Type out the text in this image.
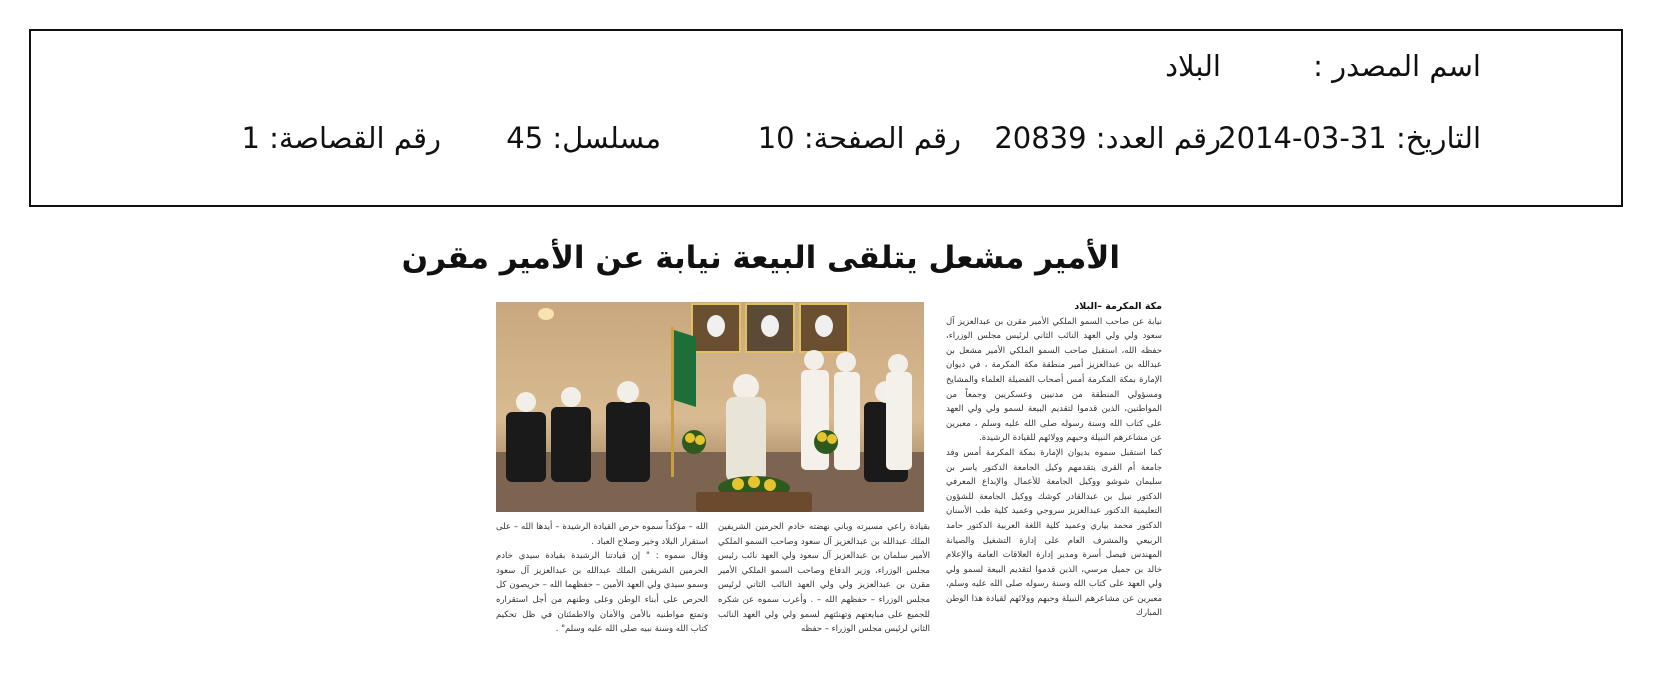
اسم المصدر :
البلاد
التاريخ: 31-03-2014
رقم العدد: 20839
رقم الصفحة: 10
مسلسل: 45
رقم القصاصة: 1
الأمير مشعل يتلقى البيعة نيابة عن الأمير مقرن

مكة المكرمة –البلاد

نيابة عن صاحب السمو الملكي الأمير مقرن بن عبدالعزيز آل سعود ولي ولي العهد النائب الثاني لرئيس مجلس الوزراء، حفظه الله، استقبل صاحب السمو الملكي الأمير مشعل بن عبدالله بن عبدالعزيز أمير منطقة مكة المكرمة ، في ديوان الإمارة بمكة المكرمة أمس أصحاب الفضيلة العلماء والمشايخ ومسؤولي المنطقة من مدنيين وعسكريين وجمعاً من المواطنين، الذين قدموا لتقديم البيعة لسمو ولي ولي العهد على كتاب الله وسنة رسوله صلى الله عليه وسلم ، معبرين عن مشاعرهم النبيلة وحبهم وولائهم للقيادة الرشيدة.

كما استقبل سموه بديوان الإمارة بمكة المكرمة أمس وفد جامعة أم القرى يتقدمهم وكيل الجامعة الدكتور ياسر بن سليمان شوشو ووكيل الجامعة للأعمال والإبداع المعرفي الدكتور نبيل بن عبدالقادر كوشك ووكيل الجامعة للشؤون التعليمية الدكتور عبدالعزيز سروجي وعميد كلية طب الأسنان الدكتور محمد بياري وعميد كلية اللغة العربية الدكتور حامد الربيعي والمشرف العام على إدارة التشغيل والصيانة المهندس فيصل أسرة ومدير إدارة العلاقات العامة والإعلام خالد بن جميل مرسي، الذين قدموا لتقديم البيعة لسمو ولي ولي العهد على كتاب الله وسنة رسوله صلى الله عليه وسلم، معبرين عن مشاعرهم النبيلة وحبهم وولائهم لقيادة هذا الوطن المبارك

بقيادة راعي مسيرته وباني نهضته خادم الحرمين الشريفين الملك عبدالله بن عبدالعزيز آل سعود وصاحب السمو الملكي الأمير سلمان بن عبدالعزيز آل سعود ولي العهد نائب رئيس مجلس الوزراء، وزير الدفاع وصاحب السمو الملكي الأمير مقرن بن عبدالعزيز ولي ولي العهد النائب الثاني لرئيس مجلس الوزراء – حفظهم الله – . وأعرب سموه عن شكره للجميع على مبايعتهم وتهنئتهم لسمو ولي ولي العهد النائب الثاني لرئيس مجلس الوزراء – حفظه

الله – مؤكداً سموه حرص القيادة الرشيدة – أيدها الله – على استقرار البلاد وخير وصلاح العباد .

وقال سموه : " إن قيادتنا الرشيدة بقيادة سيدي خادم الحرمين الشريفين الملك عبدالله بن عبدالعزيز آل سعود وسمو سيدي ولي العهد الأمين – حفظهما الله – حريصون كل الحرص على أبناء الوطن وعلى وطنهم من أجل استقراره وتمتع مواطنيه بالأمن والأمان والاطمئنان في ظل تحكيم كتاب الله وسنة نبيه صلى الله عليه وسلم" .
